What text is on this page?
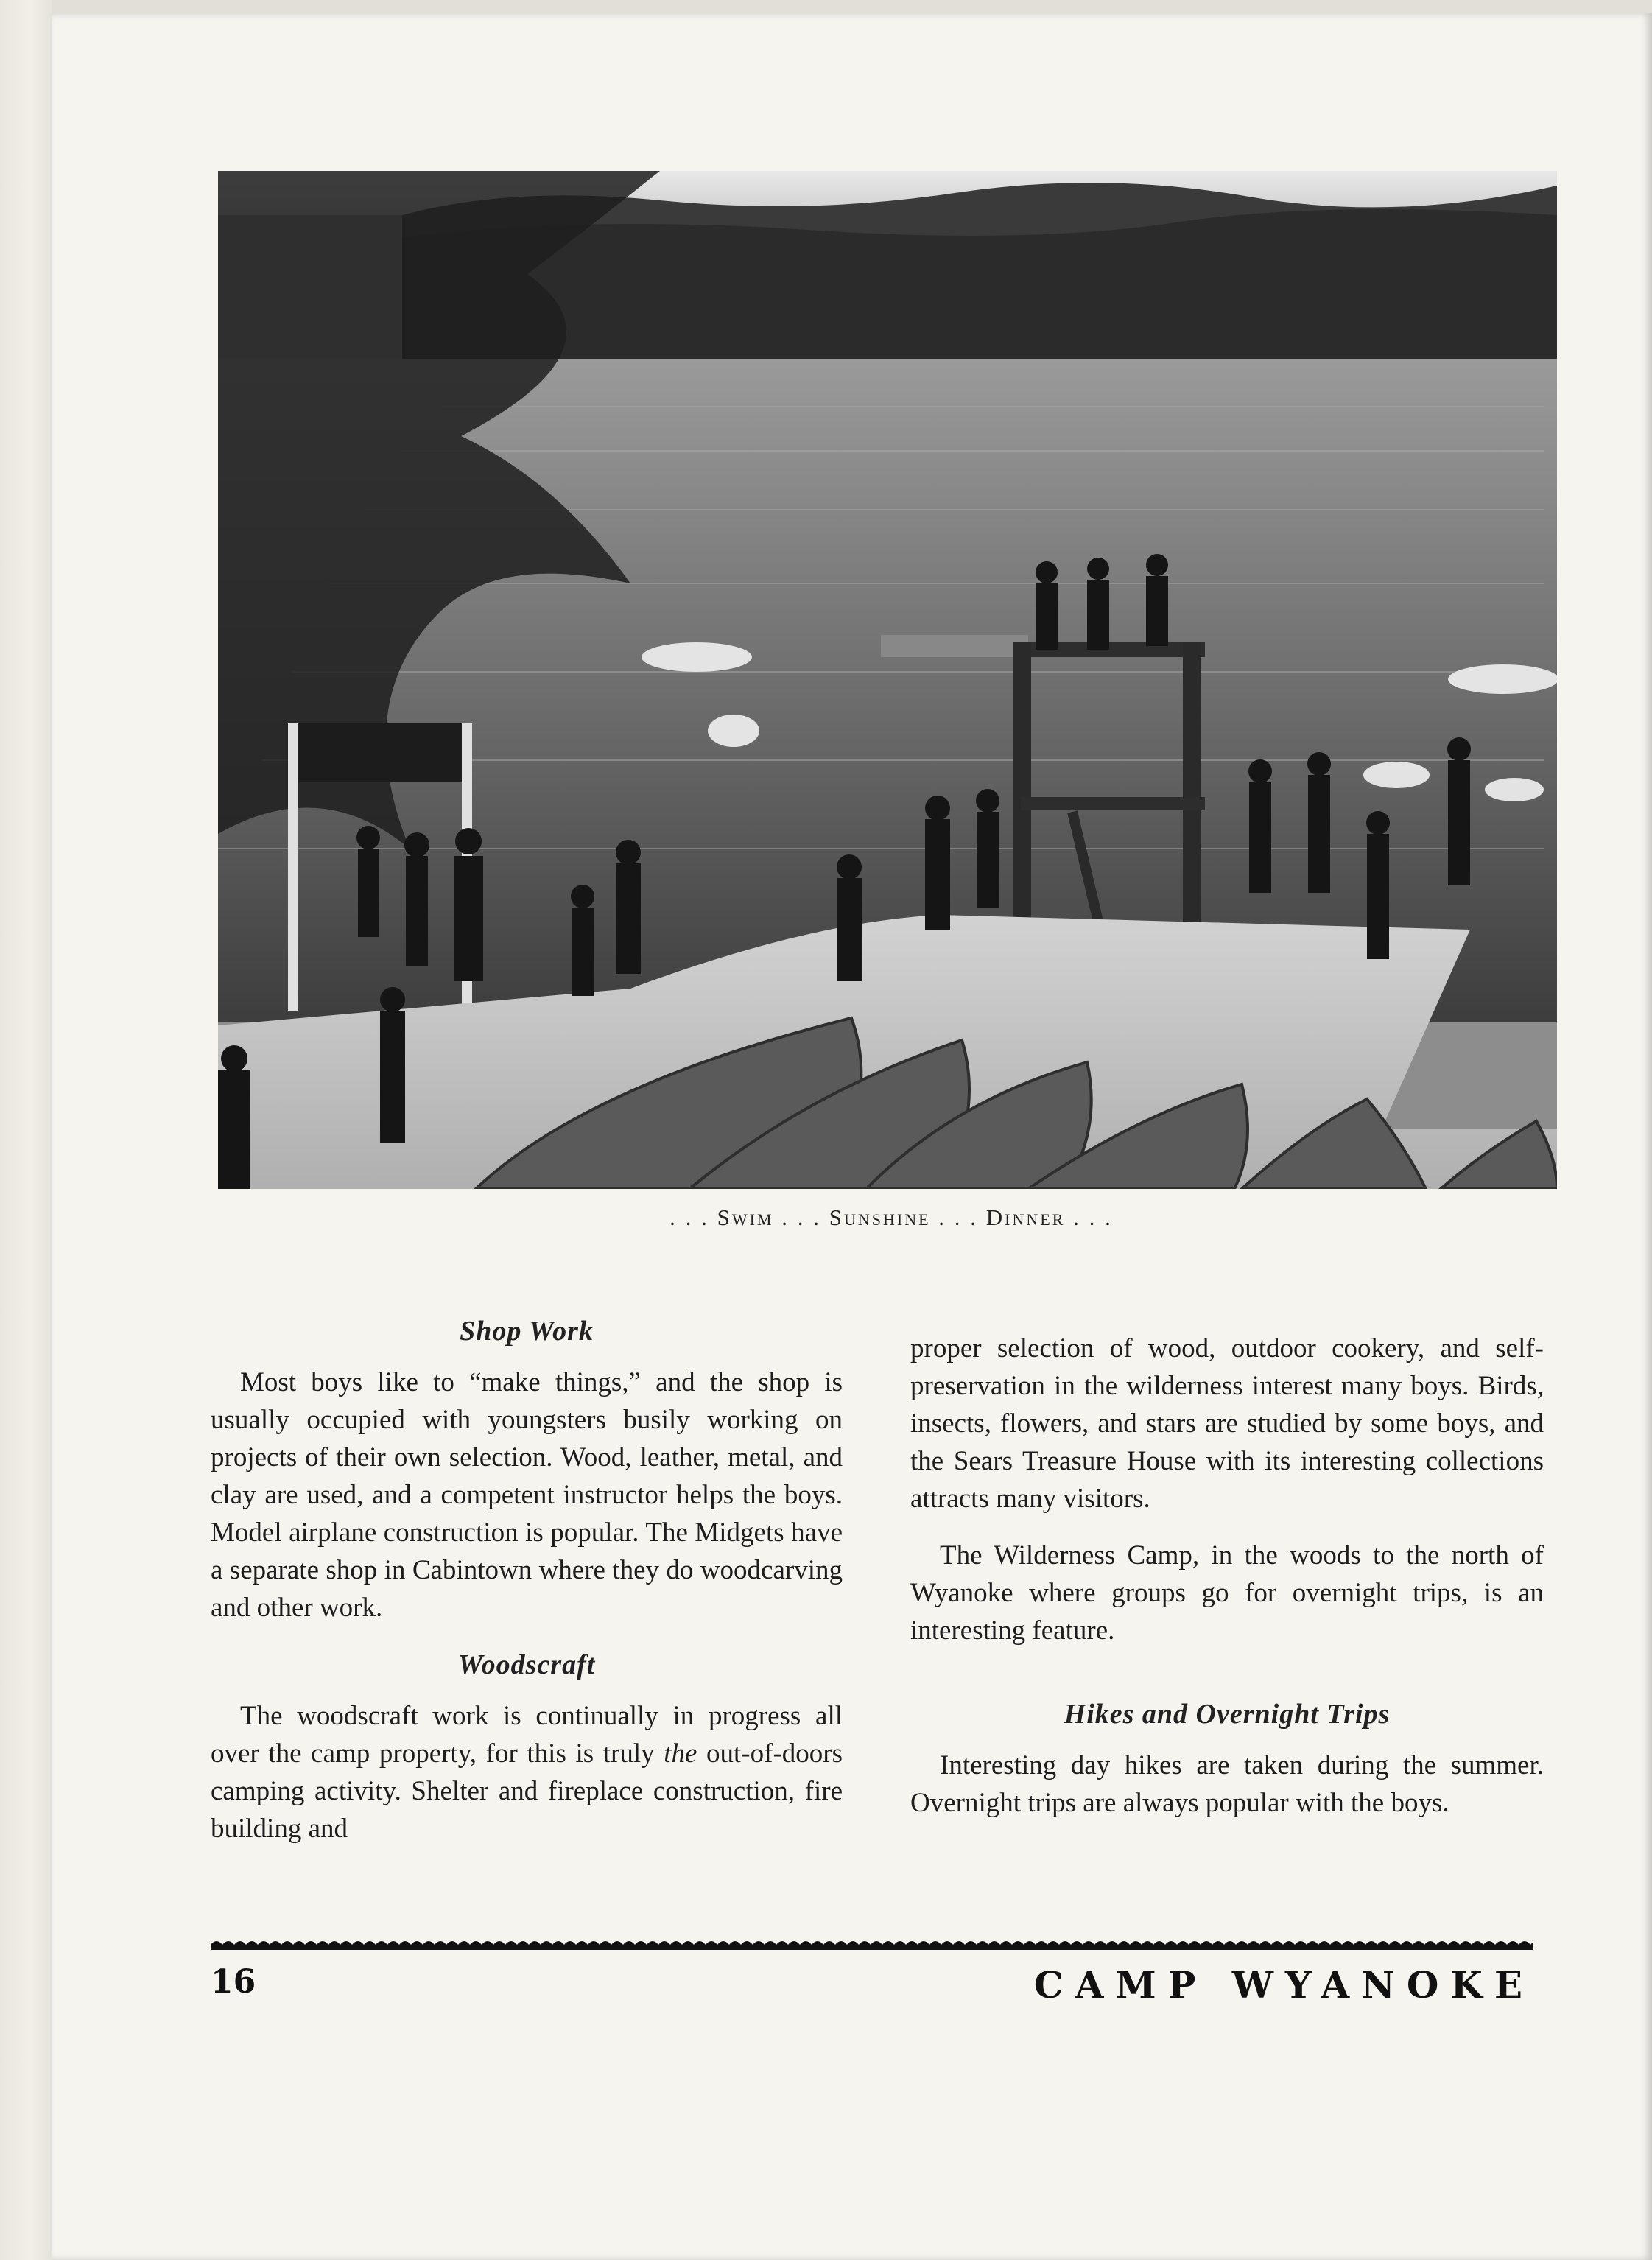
. . . Swim . . . Sunshine . . . Dinner . . .
Shop Work

Most boys like to “make things,” and the shop is usually occupied with youngsters busily working on projects of their own selection. Wood, leather, metal, and clay are used, and a competent instructor helps the boys. Model airplane construction is popular. The Midgets have a separate shop in Cabintown where they do woodcarving and other work.

Woodscraft

The woodscraft work is continually in progress all over the camp property, for this is truly the out-of-doors camping activity. Shelter and fireplace construction, fire building and

proper selection of wood, outdoor cookery, and self-preservation in the wilderness interest many boys. Birds, insects, flowers, and stars are studied by some boys, and the Sears Treasure House with its interesting collections attracts many visitors.

The Wilderness Camp, in the woods to the north of Wyanoke where groups go for overnight trips, is an interesting feature.

Hikes and Overnight Trips

Interesting day hikes are taken during the summer. Overnight trips are always popular with the boys.

16	CAMP WYANOKE
